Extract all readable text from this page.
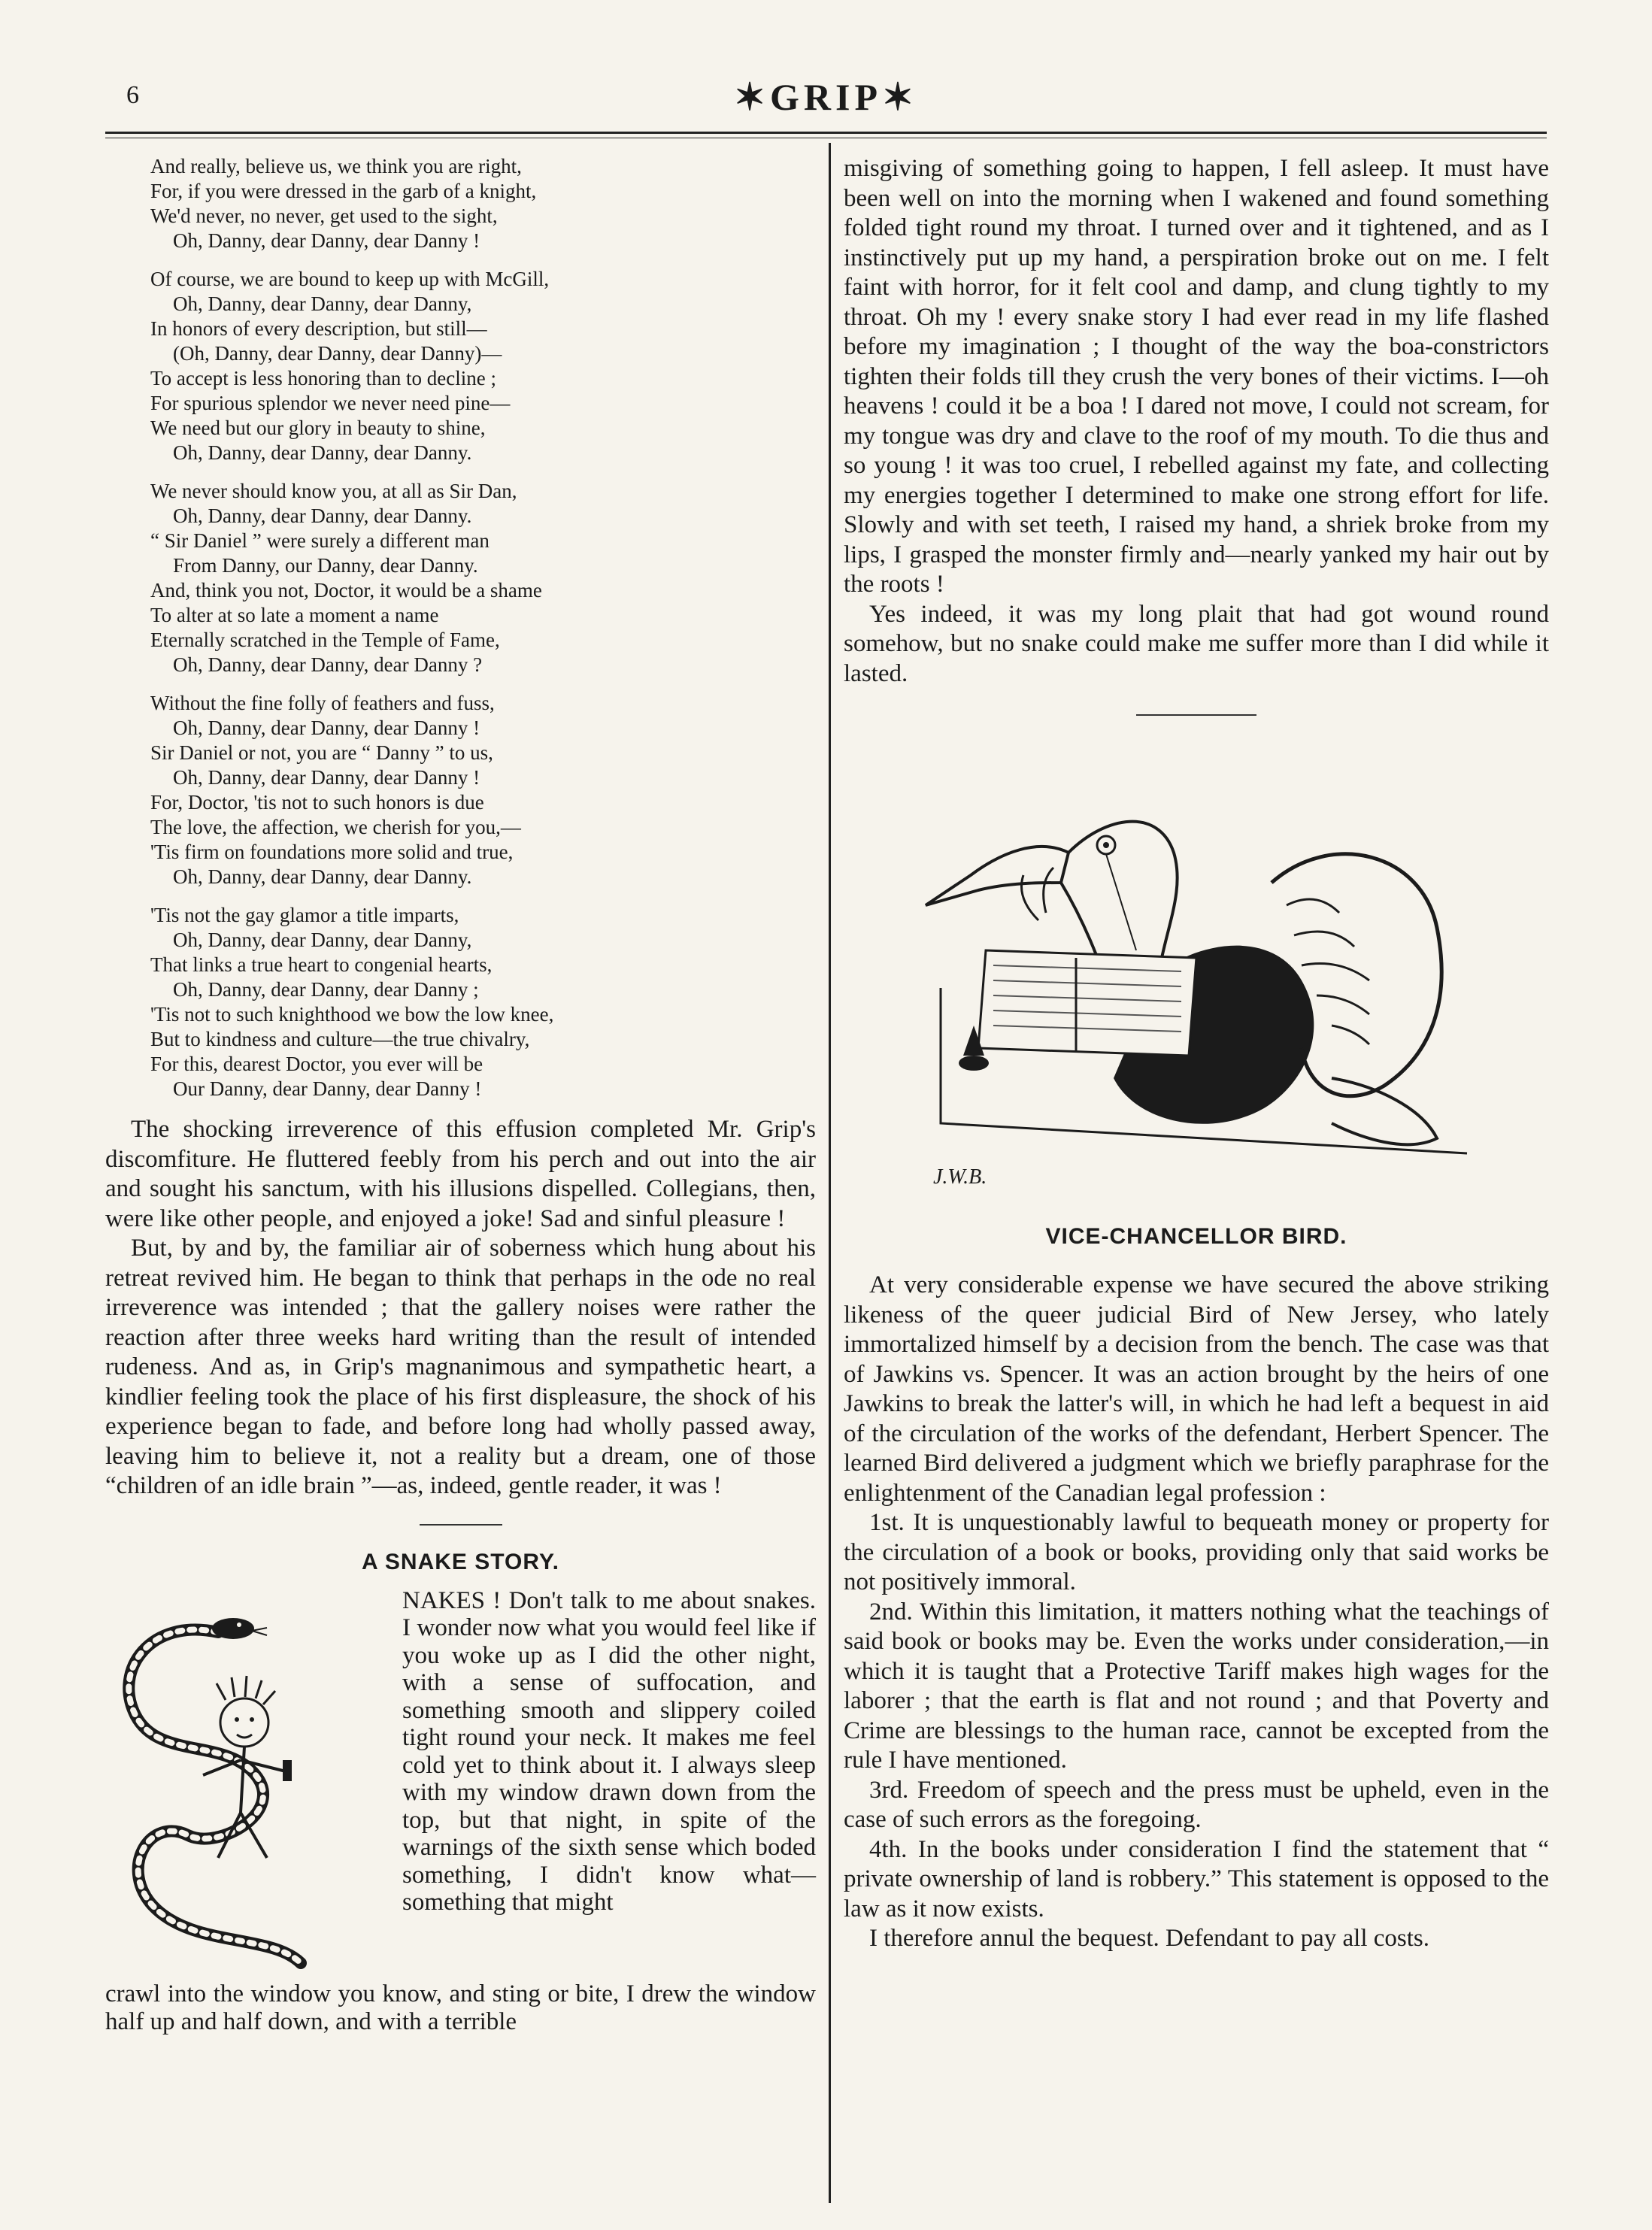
6	✶GRIP✶
And really, believe us, we think you are right,
For, if you were dressed in the garb of a knight,
We'd never, no never, get used to the sight,
Oh, Danny, dear Danny, dear Danny !
Of course, we are bound to keep up with McGill,
Oh, Danny, dear Danny, dear Danny,
In honors of every description, but still—
(Oh, Danny, dear Danny, dear Danny)—
To accept is less honoring than to decline ;
For spurious splendor we never need pine—
We need but our glory in beauty to shine,
Oh, Danny, dear Danny, dear Danny.
We never should know you, at all as Sir Dan,
Oh, Danny, dear Danny, dear Danny.
“ Sir Daniel ” were surely a different man
From Danny, our Danny, dear Danny.
And, think you not, Doctor, it would be a shame
To alter at so late a moment a name
Eternally scratched in the Temple of Fame,
Oh, Danny, dear Danny, dear Danny ?
Without the fine folly of feathers and fuss,
Oh, Danny, dear Danny, dear Danny !
Sir Daniel or not, you are “ Danny ” to us,
Oh, Danny, dear Danny, dear Danny !
For, Doctor, 'tis not to such honors is due
The love, the affection, we cherish for you,—
'Tis firm on foundations more solid and true,
Oh, Danny, dear Danny, dear Danny.
'Tis not the gay glamor a title imparts,
Oh, Danny, dear Danny, dear Danny,
That links a true heart to congenial hearts,
Oh, Danny, dear Danny, dear Danny ;
'Tis not to such knighthood we bow the low knee,
But to kindness and culture—the true chivalry,
For this, dearest Doctor, you ever will be
Our Danny, dear Danny, dear Danny !

The shocking irreverence of this effusion completed Mr. Grip's discomfiture. He fluttered feebly from his perch and out into the air and sought his sanctum, with his illusions dispelled. Collegians, then, were like other people, and enjoyed a joke! Sad and sinful pleasure !

But, by and by, the familiar air of soberness which hung about his retreat revived him. He began to think that perhaps in the ode no real irreverence was intended ; that the gallery noises were rather the reaction after three weeks hard writing than the result of intended rudeness. And as, in Grip's magnanimous and sympathetic heart, a kindlier feeling took the place of his first displeasure, the shock of his experience began to fade, and before long had wholly passed away, leaving him to believe it, not a reality but a dream, one of those “children of an idle brain ”—as, indeed, gentle reader, it was !

A SNAKE STORY.

NAKES ! Don't talk to me about snakes. I wonder now what you would feel like if you woke up as I did the other night, with a sense of suffocation, and something smooth and slippery coiled tight round your neck. It makes me feel cold yet to think about it. I always sleep with my window drawn down from the top, but that night, in spite of the warnings of the sixth sense which boded something, I didn't know what—something that might

crawl into the window you know, and sting or bite, I drew the window half up and half down, and with a terrible

misgiving of something going to happen, I fell asleep. It must have been well on into the morning when I wakened and found something folded tight round my throat. I turned over and it tightened, and as I instinctively put up my hand, a perspiration broke out on me. I felt faint with horror, for it felt cool and damp, and clung tightly to my throat. Oh my ! every snake story I had ever read in my life flashed before my imagination ; I thought of the way the boa-constrictors tighten their folds till they crush the very bones of their victims. I—oh heavens ! could it be a boa ! I dared not move, I could not scream, for my tongue was dry and clave to the roof of my mouth. To die thus and so young ! it was too cruel, I rebelled against my fate, and collecting my energies together I determined to make one strong effort for life. Slowly and with set teeth, I raised my hand, a shriek broke from my lips, I grasped the monster firmly and—nearly yanked my hair out by the roots !

Yes indeed, it was my long plait that had got wound round somehow, but no snake could make me suffer more than I did while it lasted.

J.W.B.
VICE-CHANCELLOR BIRD.

At very considerable expense we have secured the above striking likeness of the queer judicial Bird of New Jersey, who lately immortalized himself by a decision from the bench. The case was that of Jawkins vs. Spencer. It was an action brought by the heirs of one Jawkins to break the latter's will, in which he had left a bequest in aid of the circulation of the works of the defendant, Herbert Spencer. The learned Bird delivered a judgment which we briefly paraphrase for the enlightenment of the Canadian legal profession :

1st. It is unquestionably lawful to bequeath money or property for the circulation of a book or books, providing only that said works be not positively immoral.

2nd. Within this limitation, it matters nothing what the teachings of said book or books may be. Even the works under consideration,—in which it is taught that a Protective Tariff makes high wages for the laborer ; that the earth is flat and not round ; and that Poverty and Crime are blessings to the human race, cannot be excepted from the rule I have mentioned.

3rd. Freedom of speech and the press must be upheld, even in the case of such errors as the foregoing.

4th. In the books under consideration I find the statement that “ private ownership of land is robbery.” This statement is opposed to the law as it now exists.

I therefore annul the bequest. Defendant to pay all costs.
